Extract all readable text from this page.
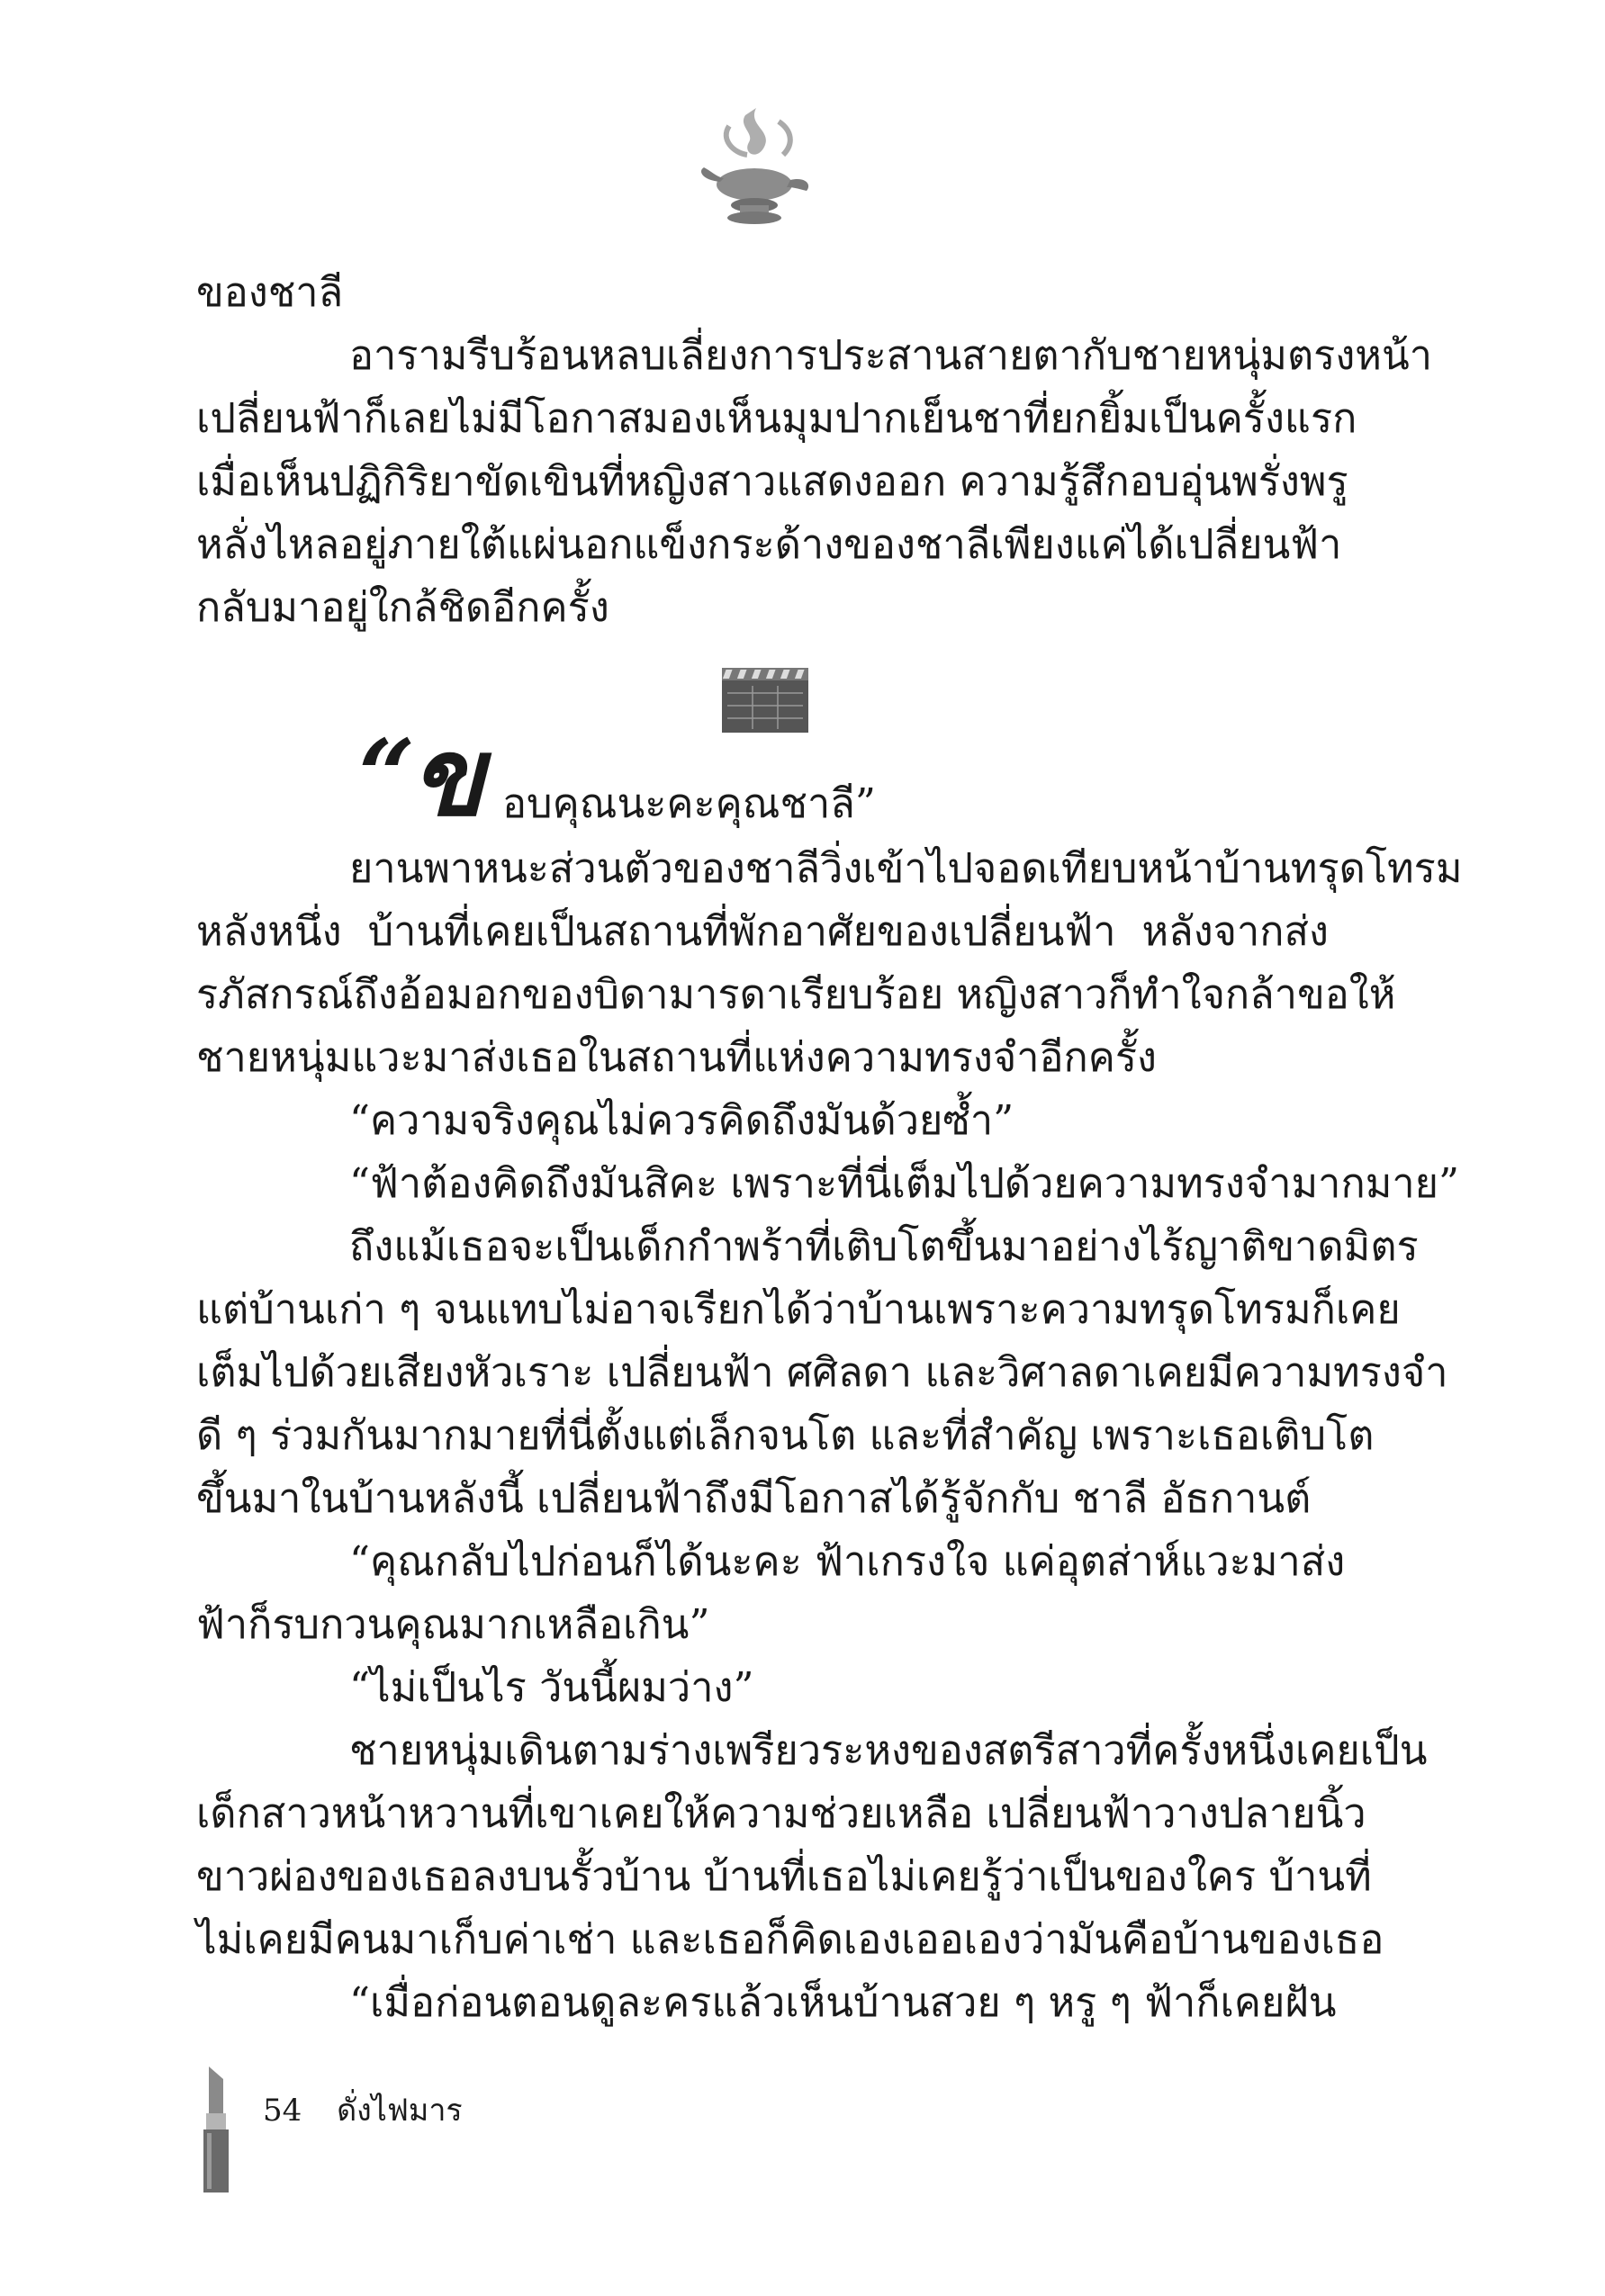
ของชาลี
อารามรีบร้อนหลบเลี่ยงการประสานสายตากับชายหนุ่มตรงหน้า
เปลี่ยนฟ้าก็เลยไม่มีโอกาสมองเห็นมุมปากเย็นชาที่ยกยิ้มเป็นครั้งแรก
เมื่อเห็นปฏิกิริยาขัดเขินที่หญิงสาวแสดงออก ความรู้สึกอบอุ่นพรั่งพรู
หลั่งไหลอยู่ภายใต้แผ่นอกแข็งกระด้างของชาลีเพียงแค่ได้เปลี่ยนฟ้า
กลับมาอยู่ใกล้ชิดอีกครั้ง
“
ข อบคุณนะคะคุณชาลี”
ยานพาหนะส่วนตัวของชาลีวิ่งเข้าไปจอดเทียบหน้าบ้านทรุดโทรม
หลังหนึ่ง บ้านที่เคยเป็นสถานที่พักอาศัยของเปลี่ยนฟ้า หลังจากส่ง
รภัสกรณ์ถึงอ้อมอกของบิดามารดาเรียบร้อย หญิงสาวก็ทำใจกล้าขอให้
ชายหนุ่มแวะมาส่งเธอในสถานที่แห่งความทรงจำอีกครั้ง
“ความจริงคุณไม่ควรคิดถึงมันด้วยซ้ำ”
“ฟ้าต้องคิดถึงมันสิคะ เพราะที่นี่เต็มไปด้วยความทรงจำมากมาย”
ถึงแม้เธอจะเป็นเด็กกำพร้าที่เติบโตขึ้นมาอย่างไร้ญาติขาดมิตร
แต่บ้านเก่า ๆ จนแทบไม่อาจเรียกได้ว่าบ้านเพราะความทรุดโทรมก็เคย
เต็มไปด้วยเสียงหัวเราะ เปลี่ยนฟ้า ศศิลดา และวิศาลดาเคยมีความทรงจำ
ดี ๆ ร่วมกันมากมายที่นี่ตั้งแต่เล็กจนโต และที่สำคัญ เพราะเธอเติบโต
ขึ้นมาในบ้านหลังนี้ เปลี่ยนฟ้าถึงมีโอกาสได้รู้จักกับ ชาลี อัธกานต์
“คุณกลับไปก่อนก็ได้นะคะ ฟ้าเกรงใจ แค่อุตส่าห์แวะมาส่ง
ฟ้าก็รบกวนคุณมากเหลือเกิน”
“ไม่เป็นไร วันนี้ผมว่าง”
ชายหนุ่มเดินตามร่างเพรียวระหงของสตรีสาวที่ครั้งหนึ่งเคยเป็น
เด็กสาวหน้าหวานที่เขาเคยให้ความช่วยเหลือ เปลี่ยนฟ้าวางปลายนิ้ว
ขาวผ่องของเธอลงบนรั้วบ้าน บ้านที่เธอไม่เคยรู้ว่าเป็นของใคร บ้านที่
ไม่เคยมีคนมาเก็บค่าเช่า และเธอก็คิดเองเออเองว่ามันคือบ้านของเธอ
“เมื่อก่อนตอนดูละครแล้วเห็นบ้านสวย ๆ หรู ๆ ฟ้าก็เคยฝัน
54 ดั่งไฟมาร
